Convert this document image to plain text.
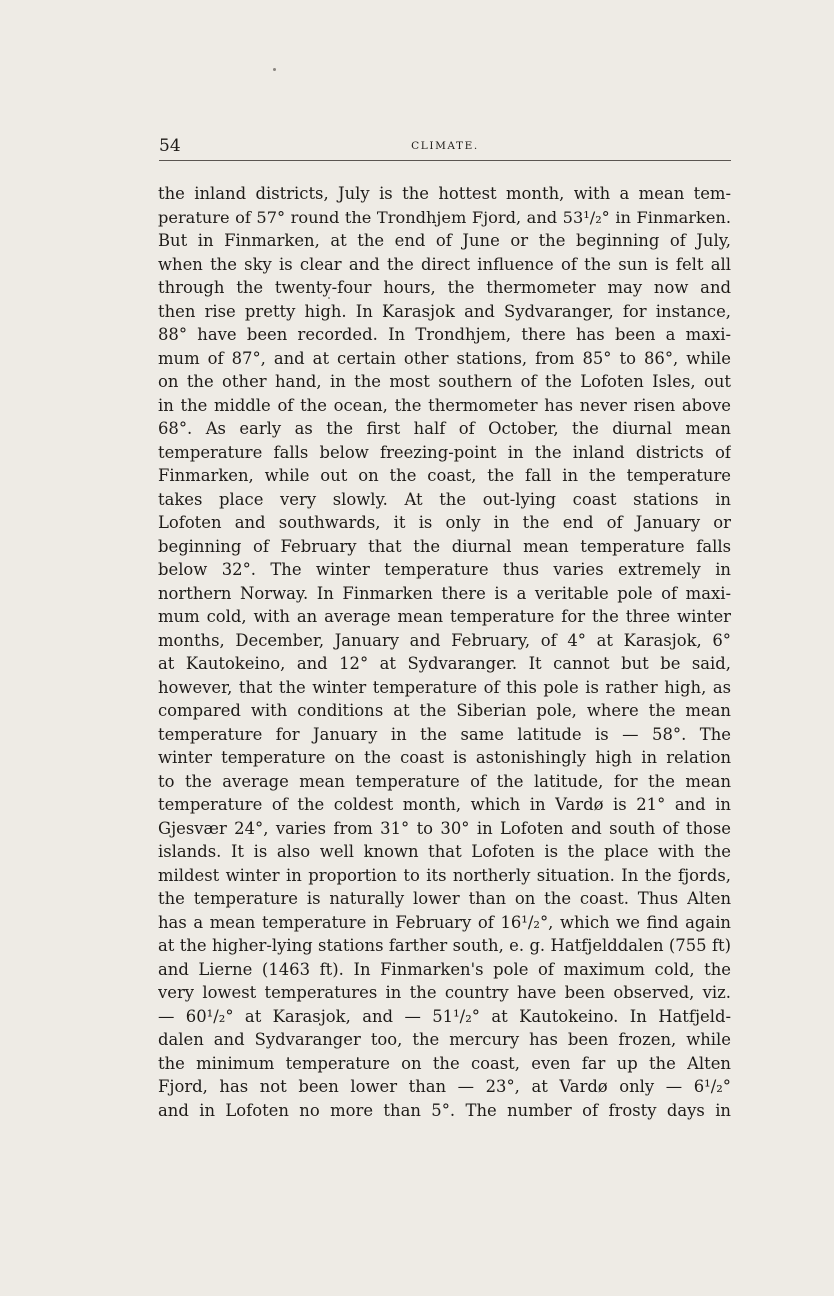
54	CLIMATE.
the inland districts, July is the hottest month, with a mean tem-
perature of 57° round the Trondhjem Fjord, and 53¹/₂° in Finmarken.
But in Finmarken, at the end of June or the beginning of July,
when the sky is clear and the direct influence of the sun is felt all
through the twenty-four hours, the thermometer may now and
then rise pretty high. In Karasjok and Sydvaranger, for instance,
88° have been recorded. In Trondhjem, there has been a maxi-
mum of 87°, and at certain other stations, from 85° to 86°, while
on the other hand, in the most southern of the Lofoten Isles, out
in the middle of the ocean, the thermometer has never risen above
68°. As early as the first half of October, the diurnal mean
temperature falls below freezing-point in the inland districts of
Finmarken, while out on the coast, the fall in the temperature
takes place very slowly. At the out-lying coast stations in
Lofoten and southwards, it is only in the end of January or
beginning of February that the diurnal mean temperature falls
below 32°. The winter temperature thus varies extremely in
northern Norway. In Finmarken there is a veritable pole of maxi-
mum cold, with an average mean temperature for the three winter
months, December, January and February, of 4° at Karasjok, 6°
at Kautokeino, and 12° at Sydvaranger. It cannot but be said,
however, that the winter temperature of this pole is rather high, as
compared with conditions at the Siberian pole, where the mean
temperature for January in the same latitude is — 58°. The
winter temperature on the coast is astonishingly high in relation
to the average mean temperature of the latitude, for the mean
temperature of the coldest month, which in Vardø is 21° and in
Gjesvær 24°, varies from 31° to 30° in Lofoten and south of those
islands. It is also well known that Lofoten is the place with the
mildest winter in proportion to its northerly situation. In the fjords,
the temperature is naturally lower than on the coast. Thus Alten
has a mean temperature in February of 16¹/₂°, which we find again
at the higher-lying stations farther south, e. g. Hatfjelddalen (755 ft)
and Lierne (1463 ft). In Finmarken's pole of maximum cold, the
very lowest temperatures in the country have been observed, viz.
— 60¹/₂° at Karasjok, and — 51¹/₂° at Kautokeino. In Hatfjeld-
dalen and Sydvaranger too, the mercury has been frozen, while
the minimum temperature on the coast, even far up the Alten
Fjord, has not been lower than — 23°, at Vardø only — 6¹/₂°
and in Lofoten no more than 5°. The number of frosty days in
